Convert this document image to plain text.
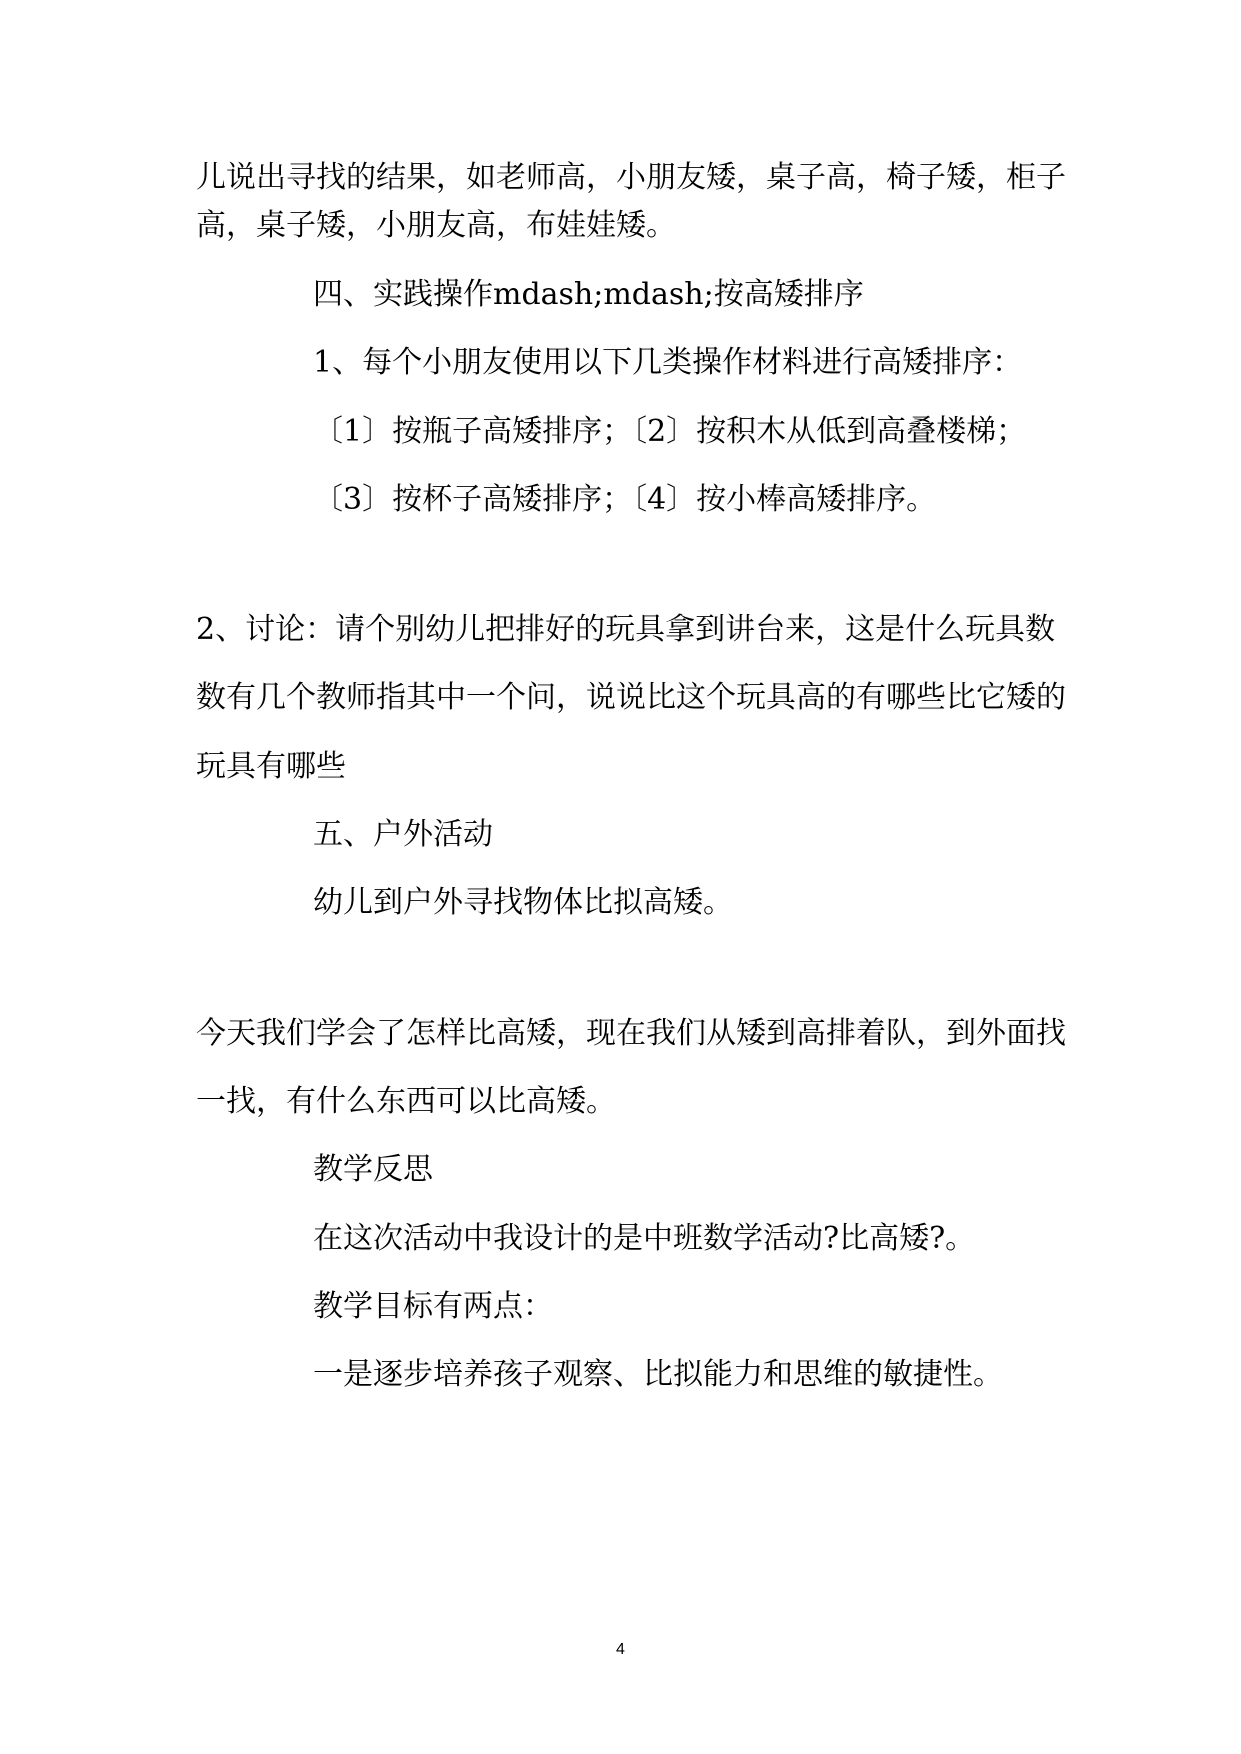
儿说出寻找的结果，如老师高，小朋友矮，桌子高，椅子矮，柜子
高，桌子矮，小朋友高，布娃娃矮。
四、实践操作mdash;mdash;按高矮排序
1、每个小朋友使用以下几类操作材料进行高矮排序：
〔1〕按瓶子高矮排序；〔2〕按积木从低到高叠楼梯；
〔3〕按杯子高矮排序；〔4〕按小棒高矮排序。
2、讨论：请个别幼儿把排好的玩具拿到讲台来，这是什么玩具数
数有几个教师指其中一个问，说说比这个玩具高的有哪些比它矮的
玩具有哪些
五、户外活动
幼儿到户外寻找物体比拟高矮。
今天我们学会了怎样比高矮，现在我们从矮到高排着队，到外面找
一找，有什么东西可以比高矮。
教学反思
在这次活动中我设计的是中班数学活动?比高矮?。
教学目标有两点：
一是逐步培养孩子观察、比拟能力和思维的敏捷性。
4
